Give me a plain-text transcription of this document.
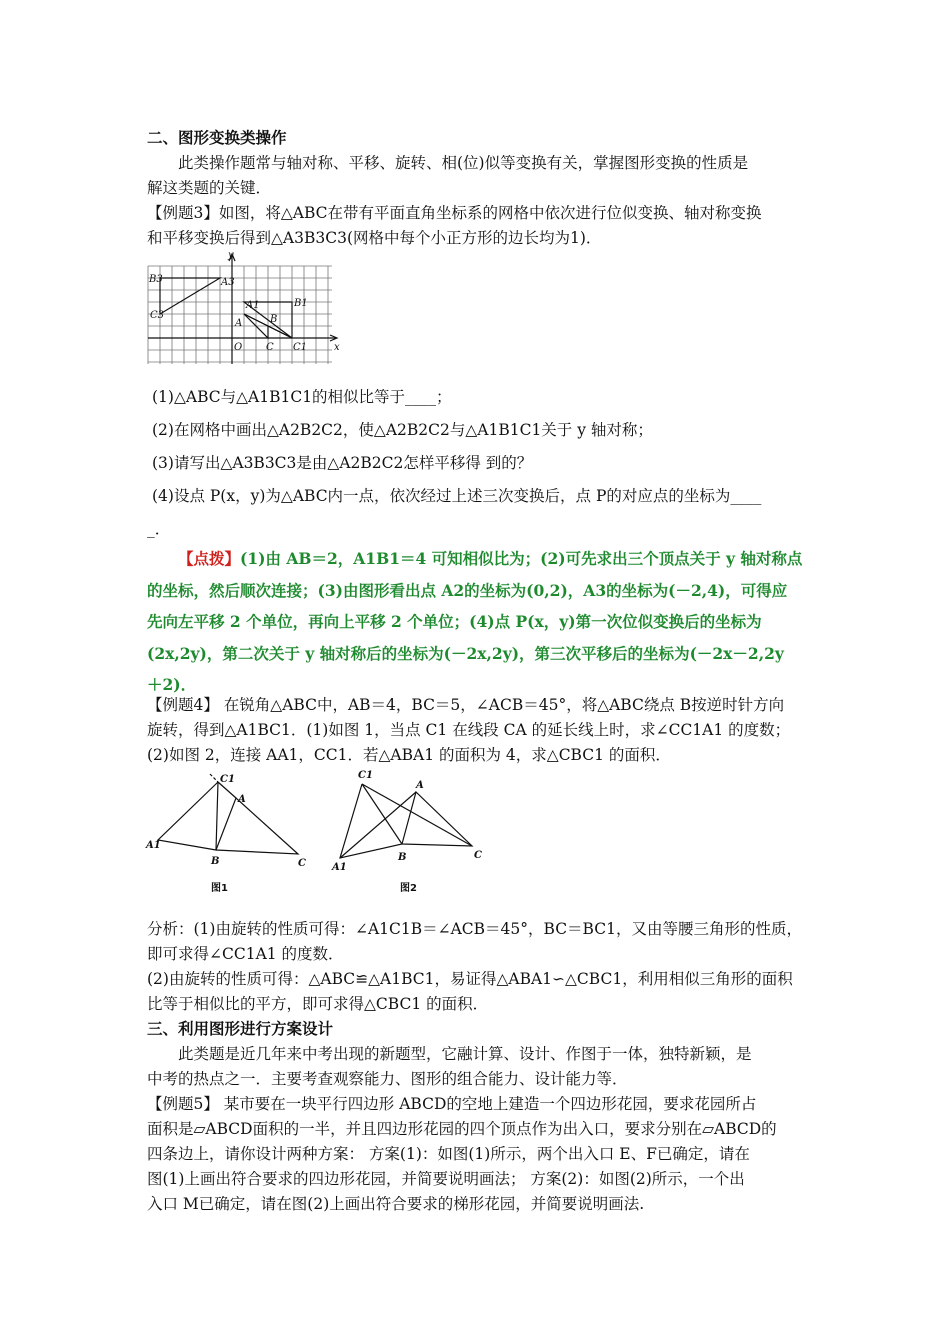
二、图形变换类操作
此类操作题常与轴对称、平移、旋转、相(位)似等变换有关，掌握图形变换的性质是
解这类题的关键．
【例题3】如图，将△ABC在带有平面直角坐标系的网格中依次进行位似变换、轴对称变换
和平移变换后得到△A3B3C3(网格中每个小正方形的边长均为1)．
y
x
O
B3	A3
C3
A1	B1
A	B
C C1
(1)△ABC与△A1B1C1的相似比等于____；
(2)在网格中画出△A2B2C2，使△A2B2C2与△A1B1C1关于 y 轴对称；
(3)请写出△A3B3C3是由△A2B2C2怎样平移得 到的？
(4)设点 P(x，y)为△ABC内一点，依次经过上述三次变换后，点 P的对应点的坐标为____
_．
【点拨】(1)由 AB＝2，A1B1＝4 可知相似比为；(2)可先求出三个顶点关于 y 轴对称点
的坐标，然后顺次连接；(3)由图形看出点 A2的坐标为(0,2)，A3的坐标为(－2,4)，可得应
先向左平移 2 个单位，再向上平移 2 个单位；(4)点 P(x，y)第一次位似变换后的坐标为
(2x,2y)，第二次关于 y 轴对称后的坐标为(－2x,2y)，第三次平移后的坐标为(－2x－2,2y
＋2)．
【例题4】 在锐角△ABC中，AB＝4，BC＝5，∠ACB＝45°，将△ABC绕点 B按逆时针方向
旋转，得到△A1BC1．(1)如图 1，当点 C1 在线段 CA 的延长线上时，求∠CC1A1 的度数；
(2)如图 2，连接 AA1，CC1．若△ABA1 的面积为 4，求△CBC1 的面积．
C1
A
A1
B	C
图1
C1
A
A1
B	C
图2
分析：(1)由旋转的性质可得：∠A1C1B＝∠ACB＝45°，BC＝BC1，又由等腰三角形的性质，
即可求得∠CC1A1 的度数．
(2)由旋转的性质可得：△ABC≌△A1BC1，易证得△ABA1∽△CBC1，利用相似三角形的面积
比等于相似比的平方，即可求得△CBC1 的面积．
三、利用图形进行方案设计
此类题是近几年来中考出现的新题型，它融计算、设计、作图于一体，独特新颖，是
中考的热点之一．主要考查观察能力、图形的组合能力、设计能力等．
【例题5】 某市要在一块平行四边形 ABCD的空地上建造一个四边形花园，要求花园所占
面积是▱ABCD面积的一半，并且四边形花园的四个顶点作为出入口，要求分别在▱ABCD的
四条边上，请你设计两种方案： 方案(1)：如图(1)所示，两个出入口 E、F已确定，请在
图(1)上画出符合要求的四边形花园，并简要说明画法； 方案(2)：如图(2)所示，一个出
入口 M已确定，请在图(2)上画出符合要求的梯形花园，并简要说明画法.
